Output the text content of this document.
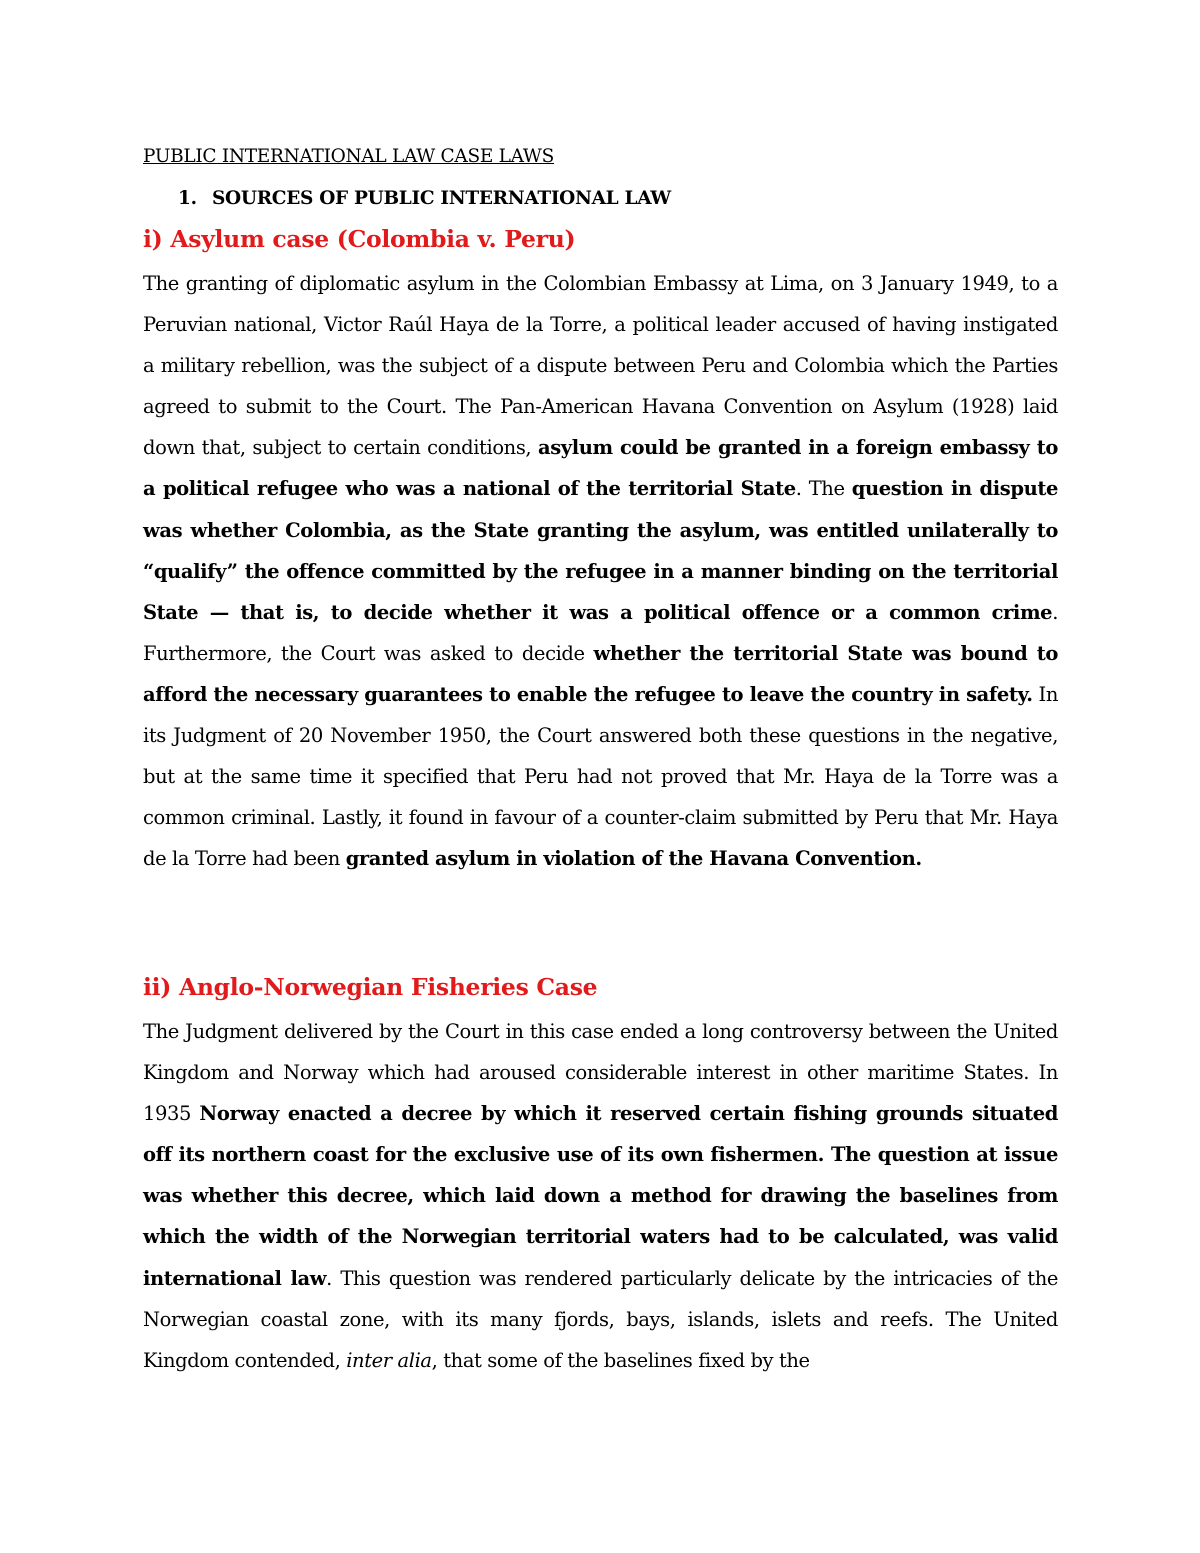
PUBLIC INTERNATIONAL LAW CASE LAWS

1. SOURCES OF PUBLIC INTERNATIONAL LAW

i) Asylum case (Colombia v. Peru)

The granting of diplomatic asylum in the Colombian Embassy at Lima, on 3 January 1949, to a Peruvian national, Victor Raúl Haya de la Torre, a political leader accused of having instigated a military rebellion, was the subject of a dispute between Peru and Colombia which the Parties agreed to submit to the Court. The Pan-American Havana Convention on Asylum (1928) laid down that, subject to certain conditions, asylum could be granted in a foreign embassy to a political refugee who was a national of the territorial State. The question in dispute was whether Colombia, as the State granting the asylum, was entitled unilaterally to “qualify” the offence committed by the refugee in a manner binding on the territorial State — that is, to decide whether it was a political offence or a common crime. Furthermore, the Court was asked to decide whether the territorial State was bound to afford the necessary guarantees to enable the refugee to leave the country in safety. In its Judgment of 20 November 1950, the Court answered both these questions in the negative, but at the same time it specified that Peru had not proved that Mr. Haya de la Torre was a common criminal. Lastly, it found in favour of a counter-claim submitted by Peru that Mr. Haya de la Torre had been granted asylum in violation of the Havana Convention.

ii) Anglo-Norwegian Fisheries Case

The Judgment delivered by the Court in this case ended a long controversy between the United Kingdom and Norway which had aroused considerable interest in other maritime States. In 1935 Norway enacted a decree by which it reserved certain fishing grounds situated off its northern coast for the exclusive use of its own fishermen. The question at issue was whether this decree, which laid down a method for drawing the baselines from which the width of the Norwegian territorial waters had to be calculated, was valid international law. This question was rendered particularly delicate by the intricacies of the Norwegian coastal zone, with its many fjords, bays, islands, islets and reefs. The United Kingdom contended, inter alia, that some of the baselines fixed by the
